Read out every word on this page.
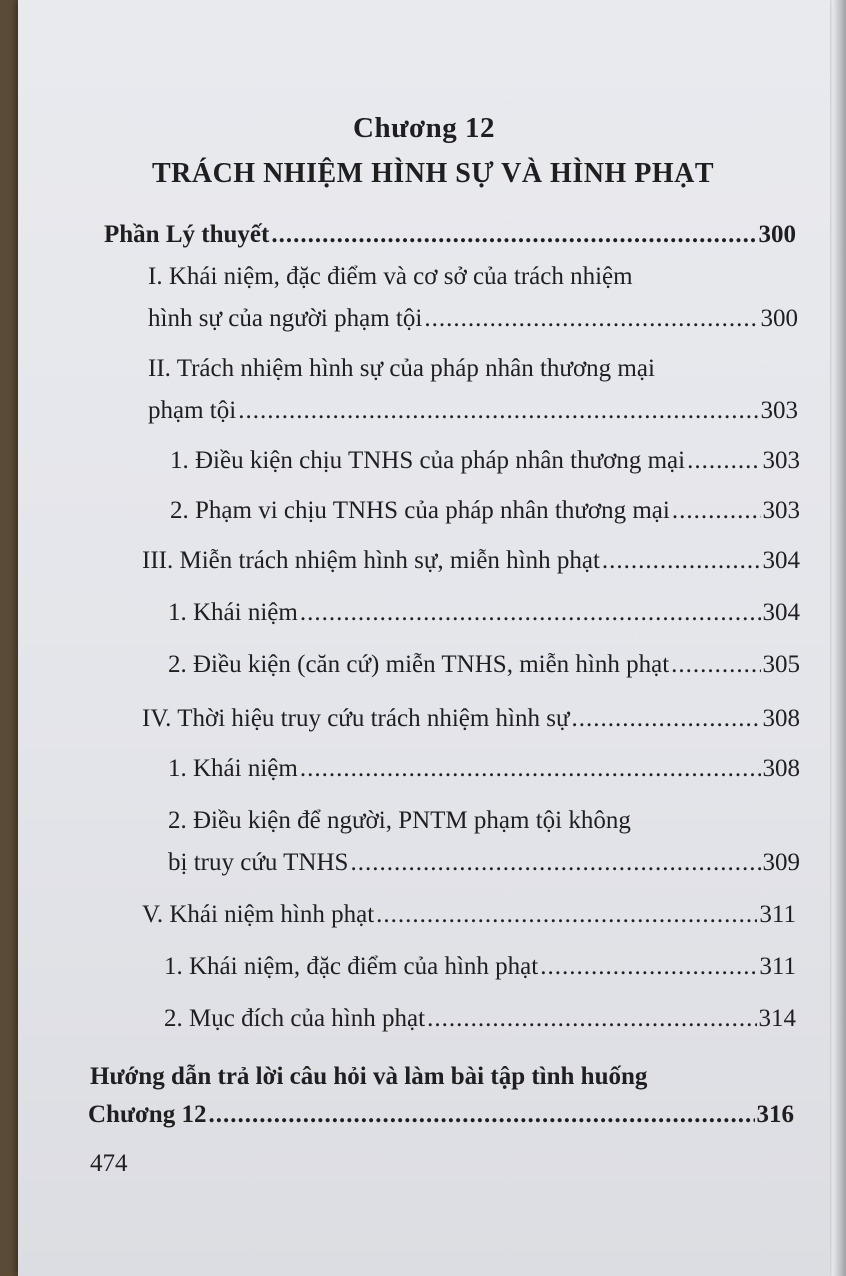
Chương 12
TRÁCH NHIỆM HÌNH SỰ VÀ HÌNH PHẠT
Phần Lý thuyết .....	300
I. Khái niệm, đặc điểm và cơ sở của trách nhiệm
hình sự của người phạm tội .....	300
II. Trách nhiệm hình sự của pháp nhân thương mại
phạm tội .....	303
1. Điều kiện chịu TNHS của pháp nhân thương mại .....	303
2. Phạm vi chịu TNHS của pháp nhân thương mại .....	303
III. Miễn trách nhiệm hình sự, miễn hình phạt .....	304
1. Khái niệm .....	304
2. Điều kiện (căn cứ) miễn TNHS, miễn hình phạt .....	305
IV. Thời hiệu truy cứu trách nhiệm hình sự .....	308
1. Khái niệm .....	308
2. Điều kiện để người, PNTM phạm tội không
bị truy cứu TNHS .....	309
V. Khái niệm hình phạt .....	311
1. Khái niệm, đặc điểm của hình phạt .....	311
2. Mục đích của hình phạt .....	314
Hướng dẫn trả lời câu hỏi và làm bài tập tình huống
Chương 12 .....	316
474
